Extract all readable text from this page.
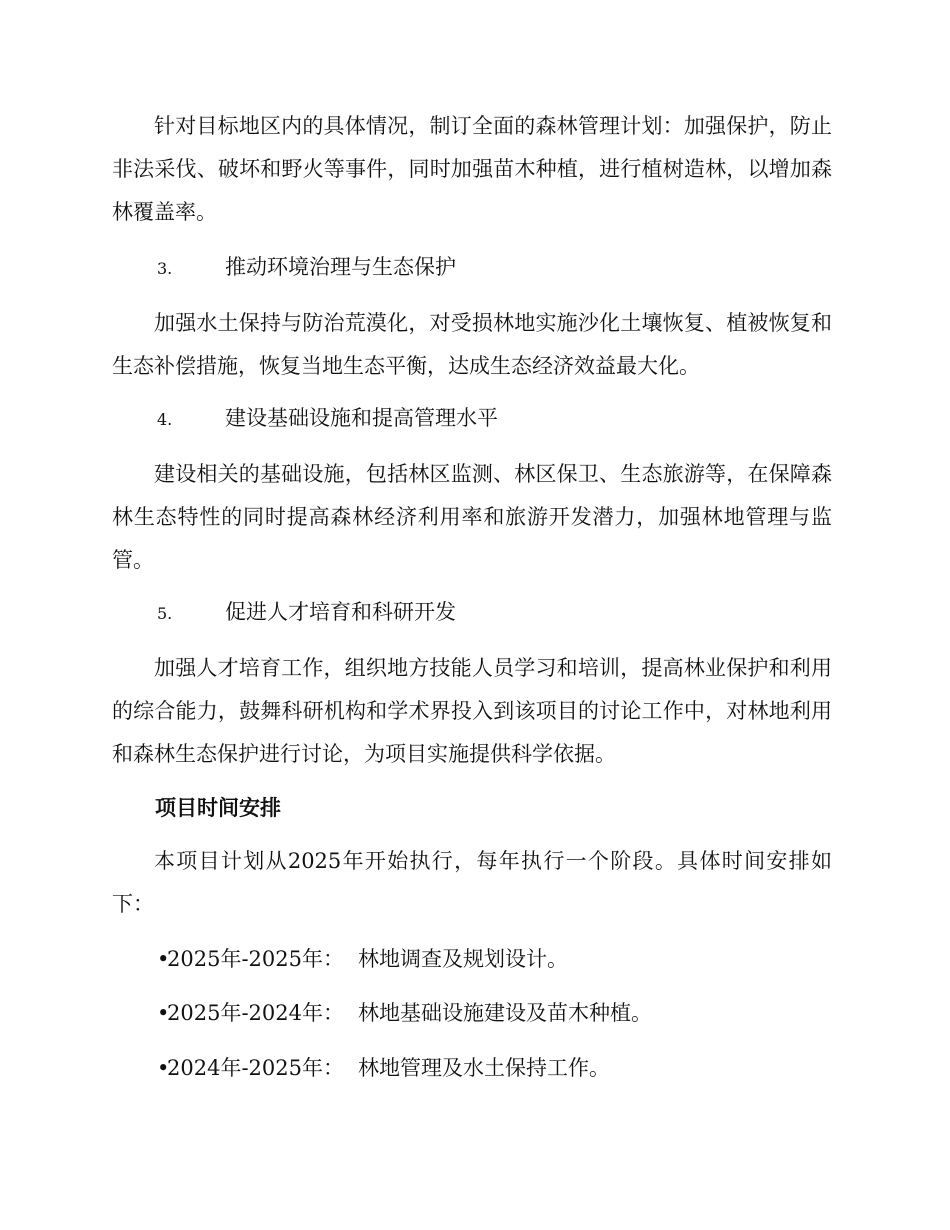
针对目标地区内的具体情况，制订全面的森林管理计划：加强保护，防止非法采伐、破坏和野火等事件，同时加强苗木种植，进行植树造林，以增加森林覆盖率。

3.	推动环境治理与生态保护

加强水土保持与防治荒漠化，对受损林地实施沙化土壤恢复、植被恢复和生态补偿措施，恢复当地生态平衡，达成生态经济效益最大化。

4.	建设基础设施和提高管理水平

建设相关的基础设施，包括林区监测、林区保卫、生态旅游等，在保障森林生态特性的同时提高森林经济利用率和旅游开发潜力，加强林地管理与监管。

5.	促进人才培育和科研开发

加强人才培育工作，组织地方技能人员学习和培训，提高林业保护和利用的综合能力，鼓舞科研机构和学术界投入到该项目的讨论工作中，对林地利用和森林生态保护进行讨论，为项目实施提供科学依据。

项目时间安排

本项目计划从2025年开始执行，每年执行一个阶段。具体时间安排如下：

•2025年-2025年： 林地调查及规划设计。

•2025年-2024年： 林地基础设施建设及苗木种植。

•2024年-2025年： 林地管理及水土保持工作。
